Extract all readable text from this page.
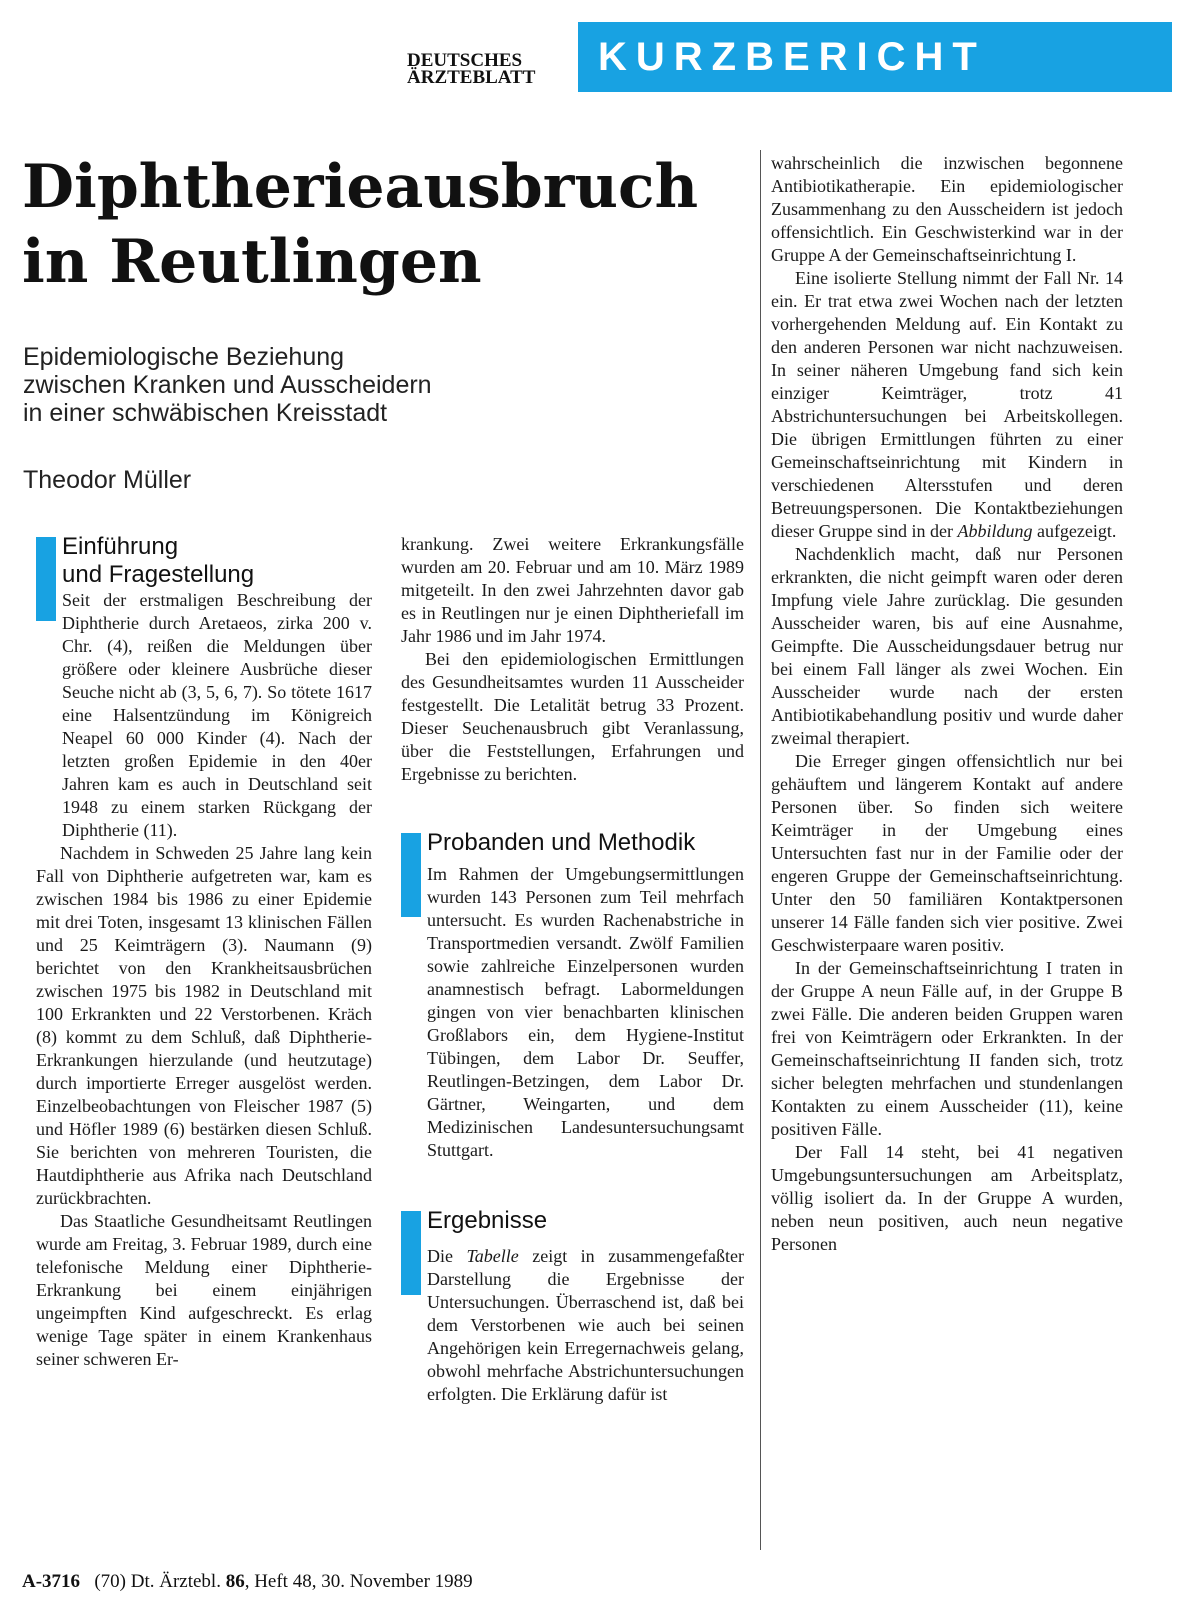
DEUTSCHES
ÄRZTEBLATT	KURZBERICHT
Diphtherieausbruch
in Reutlingen

Epidemiologische Beziehung
zwischen Kranken und Ausscheidern
in einer schwäbischen Kreisstadt

Theodor Müller
Einführung
und Fragestellung

Seit der erstmaligen Beschreibung der Diphtherie durch Aretaeos, zirka 200 v. Chr. (4), reißen die Meldungen über größere oder kleinere Ausbrüche dieser Seuche nicht ab (3, 5, 6, 7). So tötete 1617 eine Halsentzündung im Königreich Neapel 60 000 Kinder (4). Nach der letzten großen Epidemie in den 40er Jahren kam es auch in Deutschland seit 1948 zu einem starken Rückgang der Diphtherie (11).

Nachdem in Schweden 25 Jahre lang kein Fall von Diphtherie aufgetreten war, kam es zwischen 1984 bis 1986 zu einer Epidemie mit drei Toten, insgesamt 13 klinischen Fällen und 25 Keimträgern (3). Naumann (9) berichtet von den Krankheitsausbrüchen zwischen 1975 bis 1982 in Deutschland mit 100 Erkrankten und 22 Verstorbenen. Kräch (8) kommt zu dem Schluß, daß Diphtherie-Erkrankungen hierzulande (und heutzutage) durch importierte Erreger ausgelöst werden. Einzelbeobachtungen von Fleischer 1987 (5) und Höfler 1989 (6) bestärken diesen Schluß. Sie berichten von mehreren Touristen, die Hautdiphtherie aus Afrika nach Deutschland zurückbrachten.

Das Staatliche Gesundheitsamt Reutlingen wurde am Freitag, 3. Februar 1989, durch eine telefonische Meldung einer Diphtherie-Erkrankung bei einem einjährigen ungeimpften Kind aufgeschreckt. Es erlag wenige Tage später in einem Krankenhaus seiner schweren Er-

krankung. Zwei weitere Erkrankungsfälle wurden am 20. Februar und am 10. März 1989 mitgeteilt. In den zwei Jahrzehnten davor gab es in Reutlingen nur je einen Diphtheriefall im Jahr 1986 und im Jahr 1974.

Bei den epidemiologischen Ermittlungen des Gesundheitsamtes wurden 11 Ausscheider festgestellt. Die Letalität betrug 33 Prozent. Dieser Seuchenausbruch gibt Veranlassung, über die Feststellungen, Erfahrungen und Ergebnisse zu berichten.

Probanden und Methodik

Im Rahmen der Umgebungsermittlungen wurden 143 Personen zum Teil mehrfach untersucht. Es wurden Rachenabstriche in Transportmedien versandt. Zwölf Familien sowie zahlreiche Einzelpersonen wurden anamnestisch befragt. Labormeldungen gingen von vier benachbarten klinischen Großlabors ein, dem Hygiene-Institut Tübingen, dem Labor Dr. Seuffer, Reutlingen-Betzingen, dem Labor Dr. Gärtner, Weingarten, und dem Medizinischen Landesuntersuchungsamt Stuttgart.

Ergebnisse

Die Tabelle zeigt in zusammengefaßter Darstellung die Ergebnisse der Untersuchungen. Überraschend ist, daß bei dem Verstorbenen wie auch bei seinen Angehörigen kein Erregernachweis gelang, obwohl mehrfache Abstrichuntersuchungen erfolgten. Die Erklärung dafür ist

wahrscheinlich die inzwischen begonnene Antibiotikatherapie. Ein epidemiologischer Zusammenhang zu den Ausscheidern ist jedoch offensichtlich. Ein Geschwisterkind war in der Gruppe A der Gemeinschaftseinrichtung I.

Eine isolierte Stellung nimmt der Fall Nr. 14 ein. Er trat etwa zwei Wochen nach der letzten vorhergehenden Meldung auf. Ein Kontakt zu den anderen Personen war nicht nachzuweisen. In seiner näheren Umgebung fand sich kein einziger Keimträger, trotz 41 Abstrichuntersuchungen bei Arbeitskollegen. Die übrigen Ermittlungen führten zu einer Gemeinschaftseinrichtung mit Kindern in verschiedenen Altersstufen und deren Betreuungspersonen. Die Kontaktbeziehungen dieser Gruppe sind in der Abbildung aufgezeigt.

Nachdenklich macht, daß nur Personen erkrankten, die nicht geimpft waren oder deren Impfung viele Jahre zurücklag. Die gesunden Ausscheider waren, bis auf eine Ausnahme, Geimpfte. Die Ausscheidungsdauer betrug nur bei einem Fall länger als zwei Wochen. Ein Ausscheider wurde nach der ersten Antibiotikabehandlung positiv und wurde daher zweimal therapiert.

Die Erreger gingen offensichtlich nur bei gehäuftem und längerem Kontakt auf andere Personen über. So finden sich weitere Keimträger in der Umgebung eines Untersuchten fast nur in der Familie oder der engeren Gruppe der Gemeinschaftseinrichtung. Unter den 50 familiären Kontaktpersonen unserer 14 Fälle fanden sich vier positive. Zwei Geschwisterpaare waren positiv.

In der Gemeinschaftseinrichtung I traten in der Gruppe A neun Fälle auf, in der Gruppe B zwei Fälle. Die anderen beiden Gruppen waren frei von Keimträgern oder Erkrankten. In der Gemeinschaftseinrichtung II fanden sich, trotz sicher belegten mehrfachen und stundenlangen Kontakten zu einem Ausscheider (11), keine positiven Fälle.

Der Fall 14 steht, bei 41 negativen Umgebungsuntersuchungen am Arbeitsplatz, völlig isoliert da. In der Gruppe A wurden, neben neun positiven, auch neun negative Personen

A-3716 (70) Dt. Ärztebl. 86, Heft 48, 30. November 1989
